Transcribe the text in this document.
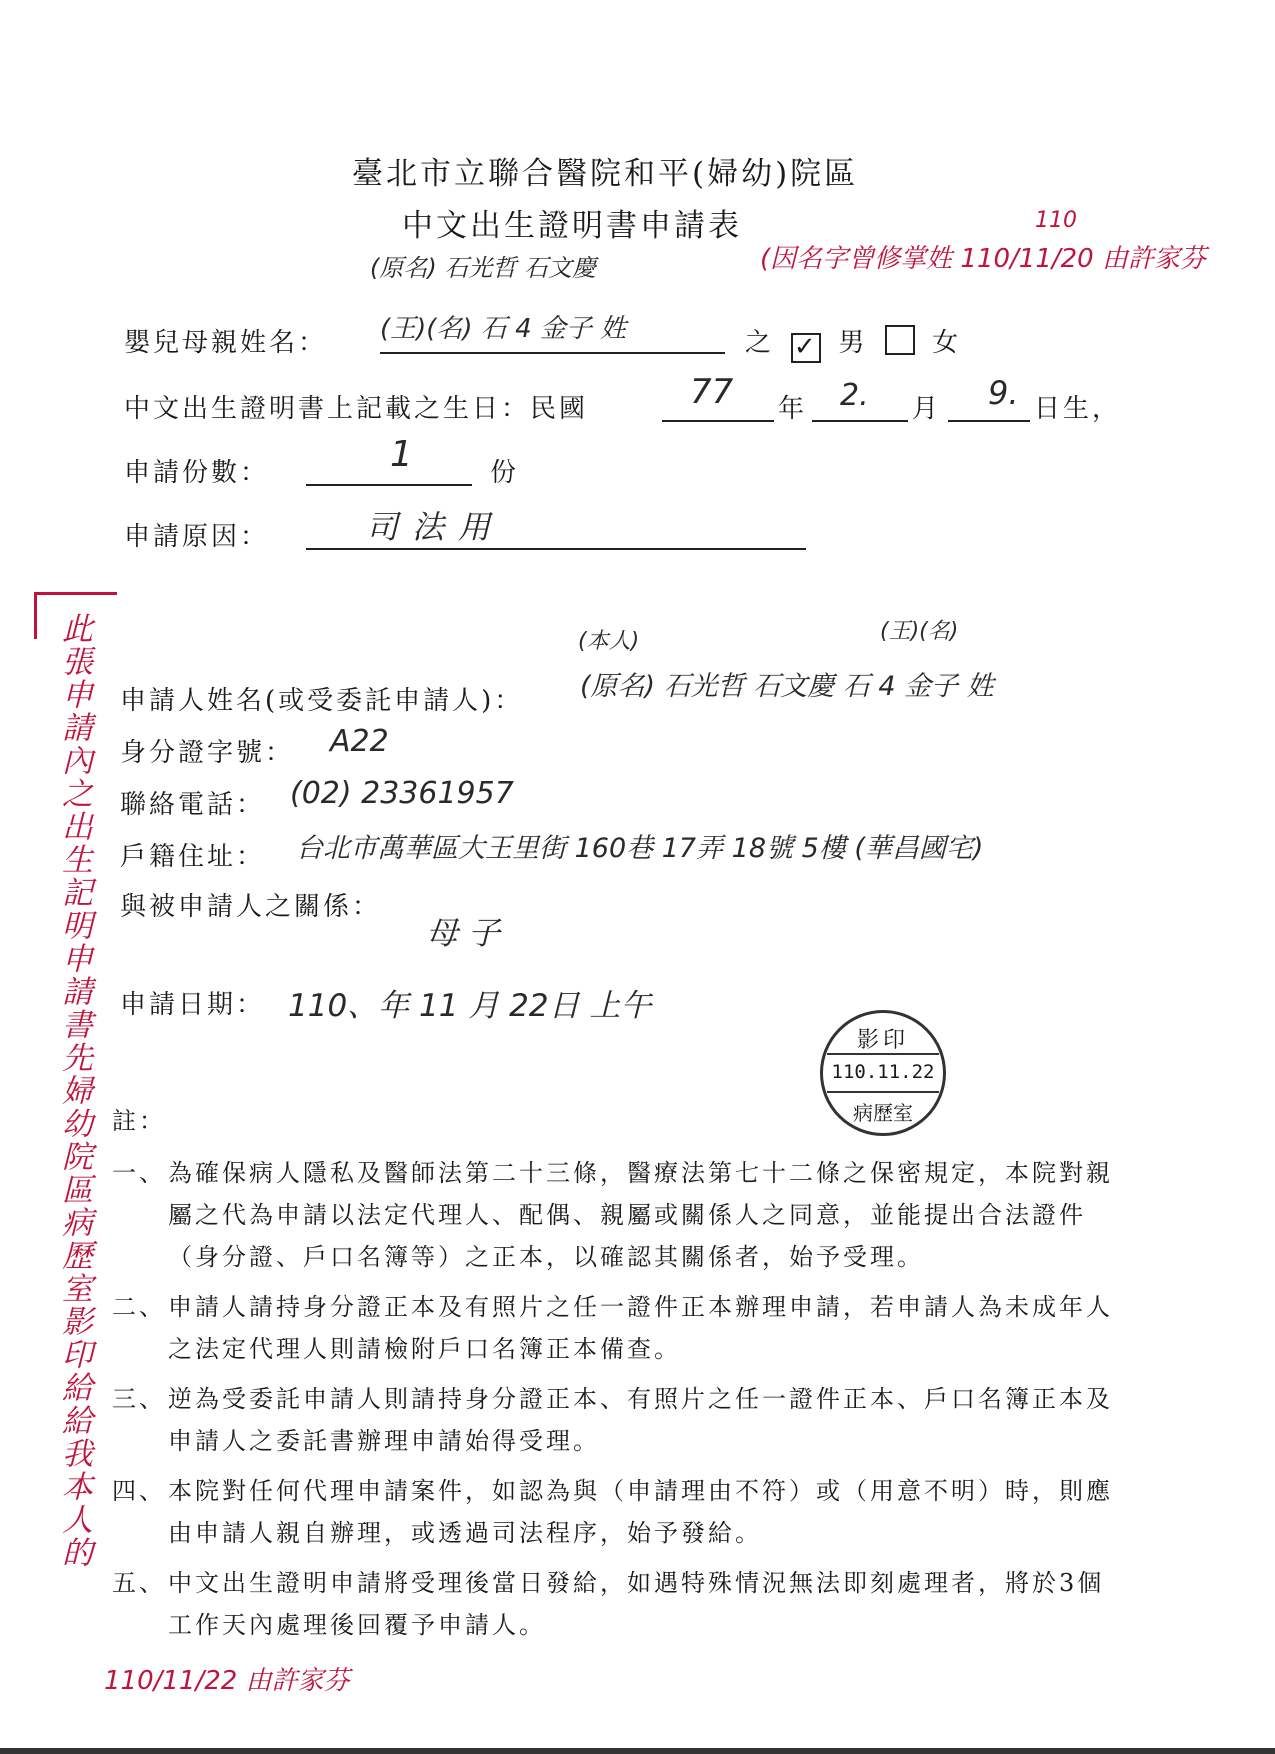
臺北市立聯合醫院和平(婦幼)院區
中文出生證明書申請表
(因名字曾修掌姓 110/11/20 由許家芬
110
(原名) 石光哲 石文慶
嬰兒母親姓名： (王)(名) 石 4 金子 姓	之 ✓ 男 女
中文出生證明書上記載之生日：民國	77 年 2. 月 9. 日生，
申請份數：	1	份
申請原因：	司法用
此張申請內之出生記明申請書先婦幼院區病歷室影印給給我本人的	(本人)	(王)(名)
申請人姓名(或受委託申請人)： (原名) 石光哲 石文慶 石 4 金子 姓
身分證字號： A22
聯絡電話： (02) 23361957
戶籍住址： 台北市萬華區大王里街 160巷 17弄 18號 5樓 (華昌國宅)
與被申請人之關係：
母子
申請日期： 110、年 11 月 22日 上午
影印
110.11.22
病歷室
註：
一、 為確保病人隱私及醫師法第二十三條，醫療法第七十二條之保密規定，本院對親屬之代為申請以法定代理人、配偶、親屬或關係人之同意，並能提出合法證件（身分證、戶口名簿等）之正本，以確認其關係者，始予受理。
二、 申請人請持身分證正本及有照片之任一證件正本辦理申請，若申請人為未成年人之法定代理人則請檢附戶口名簿正本備查。
三、 逆為受委託申請人則請持身分證正本、有照片之任一證件正本、戶口名簿正本及申請人之委託書辦理申請始得受理。
四、 本院對任何代理申請案件，如認為與（申請理由不符）或（用意不明）時，則應由申請人親自辦理，或透過司法程序，始予發給。
五、 中文出生證明申請將受理後當日發給，如遇特殊情況無法即刻處理者，將於3個工作天內處理後回覆予申請人。
110/11/22 由許家芬
